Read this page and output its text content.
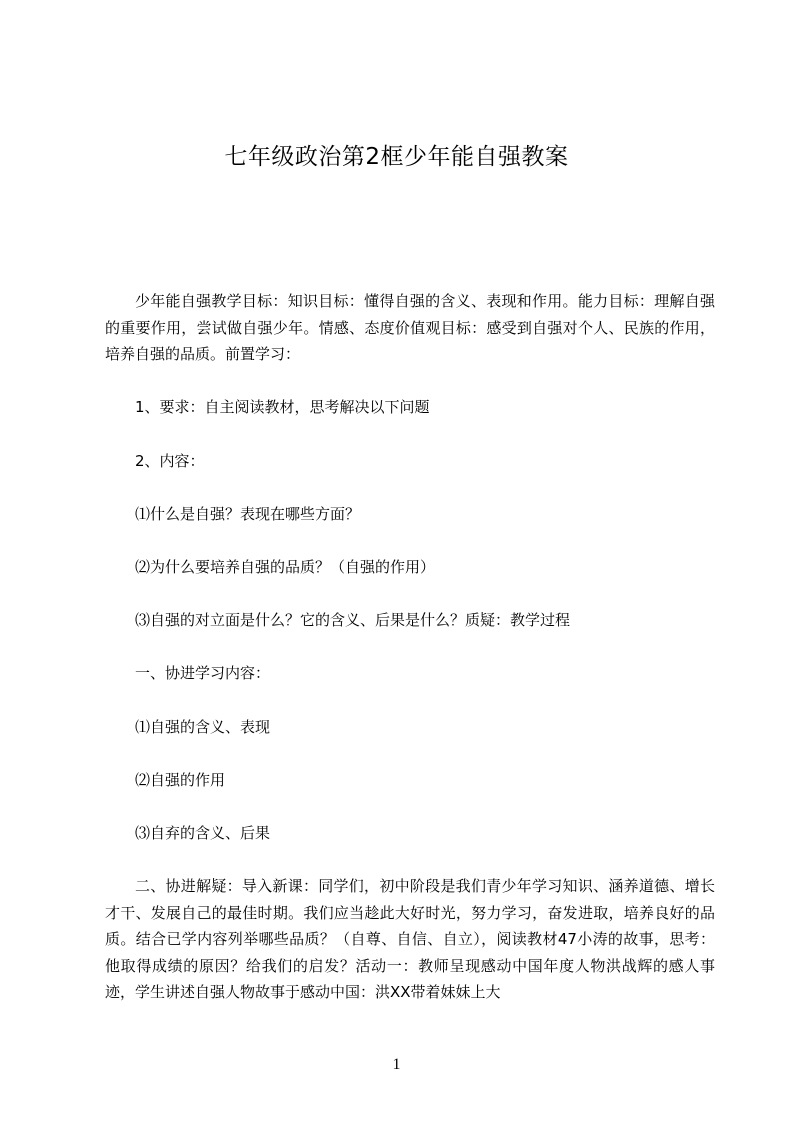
七年级政治第2框少年能自强教案

少年能自强教学目标：知识目标：懂得自强的含义、表现和作用。能力目标：理解自强的重要作用，尝试做自强少年。情感、态度价值观目标：感受到自强对个人、民族的作用，培养自强的品质。前置学习：

1、要求：自主阅读教材，思考解决以下问题

2、内容：

⑴什么是自强？表现在哪些方面？

⑵为什么要培养自强的品质？（自强的作用）

⑶自强的对立面是什么？它的含义、后果是什么？质疑：教学过程

一、协进学习内容：

⑴自强的含义、表现

⑵自强的作用

⑶自弃的含义、后果

二、协进解疑：导入新课：同学们，初中阶段是我们青少年学习知识、涵养道德、增长才干、发展自己的最佳时期。我们应当趁此大好时光，努力学习，奋发进取，培养良好的品质。结合已学内容列举哪些品质？（自尊、自信、自立），阅读教材47小涛的故事，思考：他取得成绩的原因？给我们的启发？活动一：教师呈现感动中国年度人物洪战辉的感人事迹，学生讲述自强人物故事于感动中国：洪XX带着妹妹上大

1
